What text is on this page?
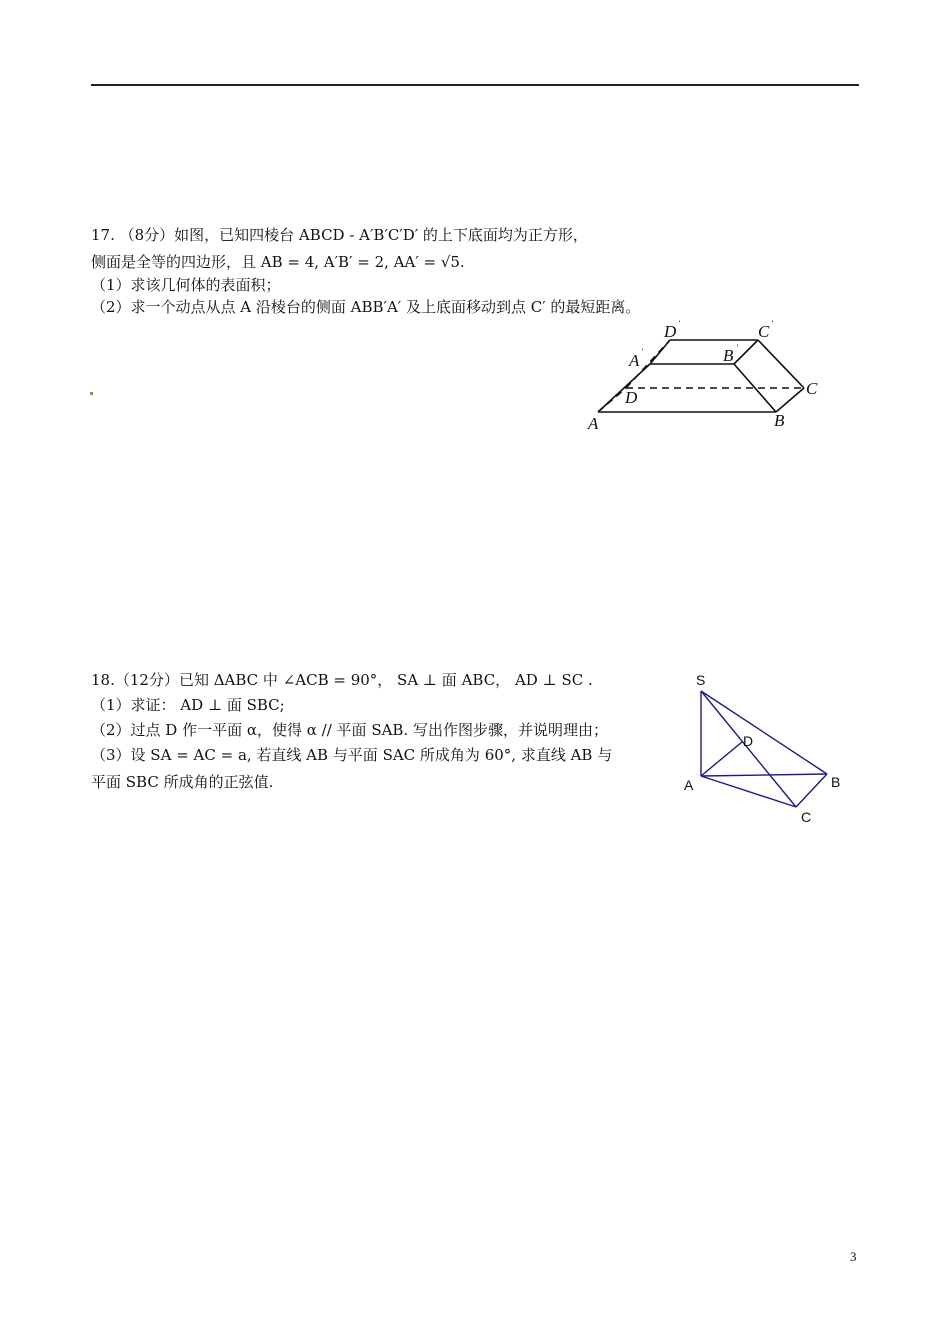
17. （8分）如图，已知四棱台 ABCD - A′B′C′D′ 的上下底面均为正方形，
侧面是全等的四边形，且 AB = 4, A′B′ = 2, AA′ = √5.
（1）求该几何体的表面积；
（2）求一个动点从点 A 沿棱台的侧面 ABB′A′ 及上底面移动到点 C′ 的最短距离。
D ′	C ′
A ′	B ′
C
D
A	B
18.（12分）已知 ΔABC 中 ∠ACB = 90°， SA ⊥ 面 ABC， AD ⊥ SC .
（1）求证： AD ⊥ 面 SBC;
（2）过点 D 作一平面 α，使得 α // 平面 SAB. 写出作图步骤，并说明理由；
（3）设 SA = AC = a, 若直线 AB 与平面 SAC 所成角为 60°, 求直线 AB 与
平面 SBC 所成角的正弦值.
S
D
A	B
C
3
